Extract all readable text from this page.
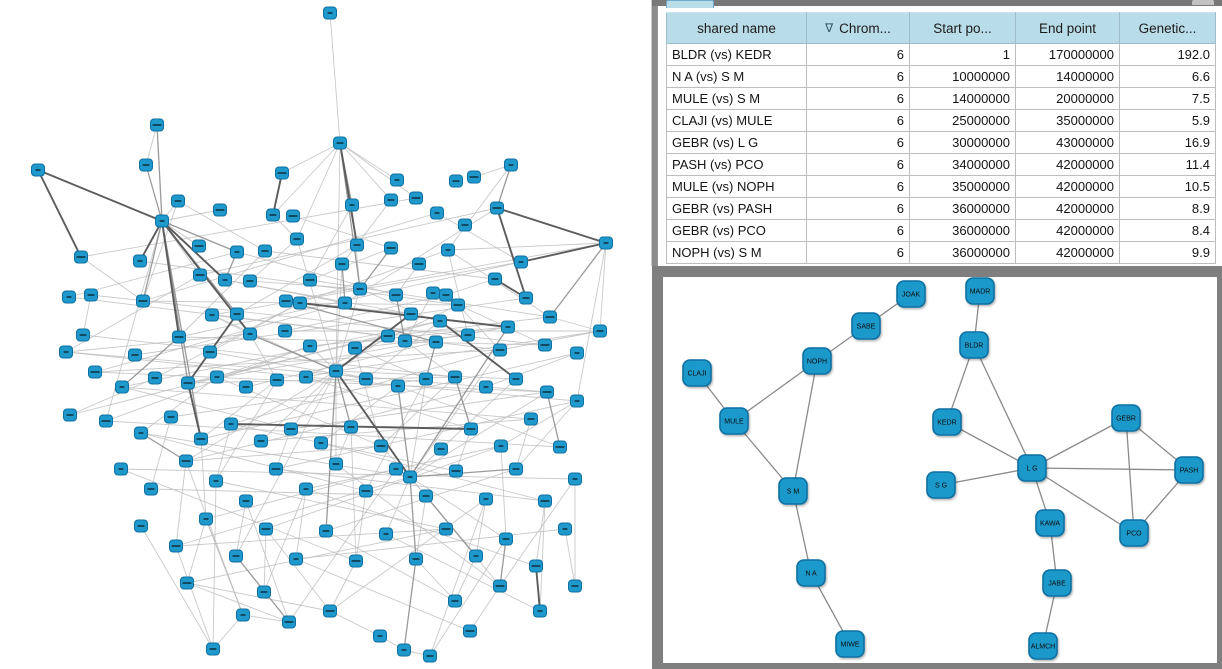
shared name	∇ Chrom...	Start po...	End point	Genetic...
BLDR (vs) KEDR	6	1	170000000	192.0
N A (vs) S M	6	10000000	14000000	6.6
MULE (vs) S M	6	14000000	20000000	7.5
CLAJI (vs) MULE	6	25000000	35000000	5.9
GEBR (vs) L G	6	30000000	43000000	16.9
PASH (vs) PCO	6	34000000	42000000	11.4
MULE (vs) NOPH	6	35000000	42000000	10.5
GEBR (vs) PASH	6	36000000	42000000	8.9
GEBR (vs) PCO	6	36000000	42000000	8.4
NOPH (vs) S M	6	36000000	42000000	9.9
JOAK	MADR
SABE
BLDR
NOPH
CLAJI
KEDR
GEBR
MULE
L G	PASH
S G
S M
KAWA
PCO
N A
JABE
MIWE	ALMCH
